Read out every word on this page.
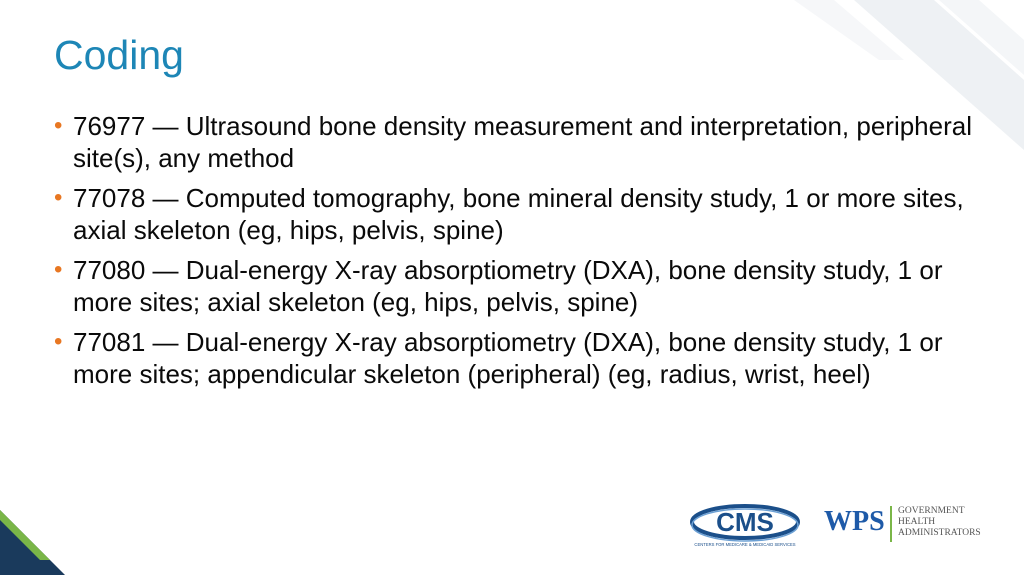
Coding
• 76977 — Ultrasound bone density measurement and interpretation, peripheral site(s), any method
• 77078 — Computed tomography, bone mineral density study, 1 or more sites, axial skeleton (eg, hips, pelvis, spine)
• 77080 — Dual-energy X-ray absorptiometry (DXA), bone density study, 1 or more sites; axial skeleton (eg, hips, pelvis, spine)
• 77081 — Dual-energy X-ray absorptiometry (DXA), bone density study, 1 or more sites; appendicular skeleton (peripheral) (eg, radius, wrist, heel)
CMS
CENTERS FOR MEDICARE & MEDICAID SERVICES
WPS GOVERNMENT
HEALTH
ADMINISTRATORS
